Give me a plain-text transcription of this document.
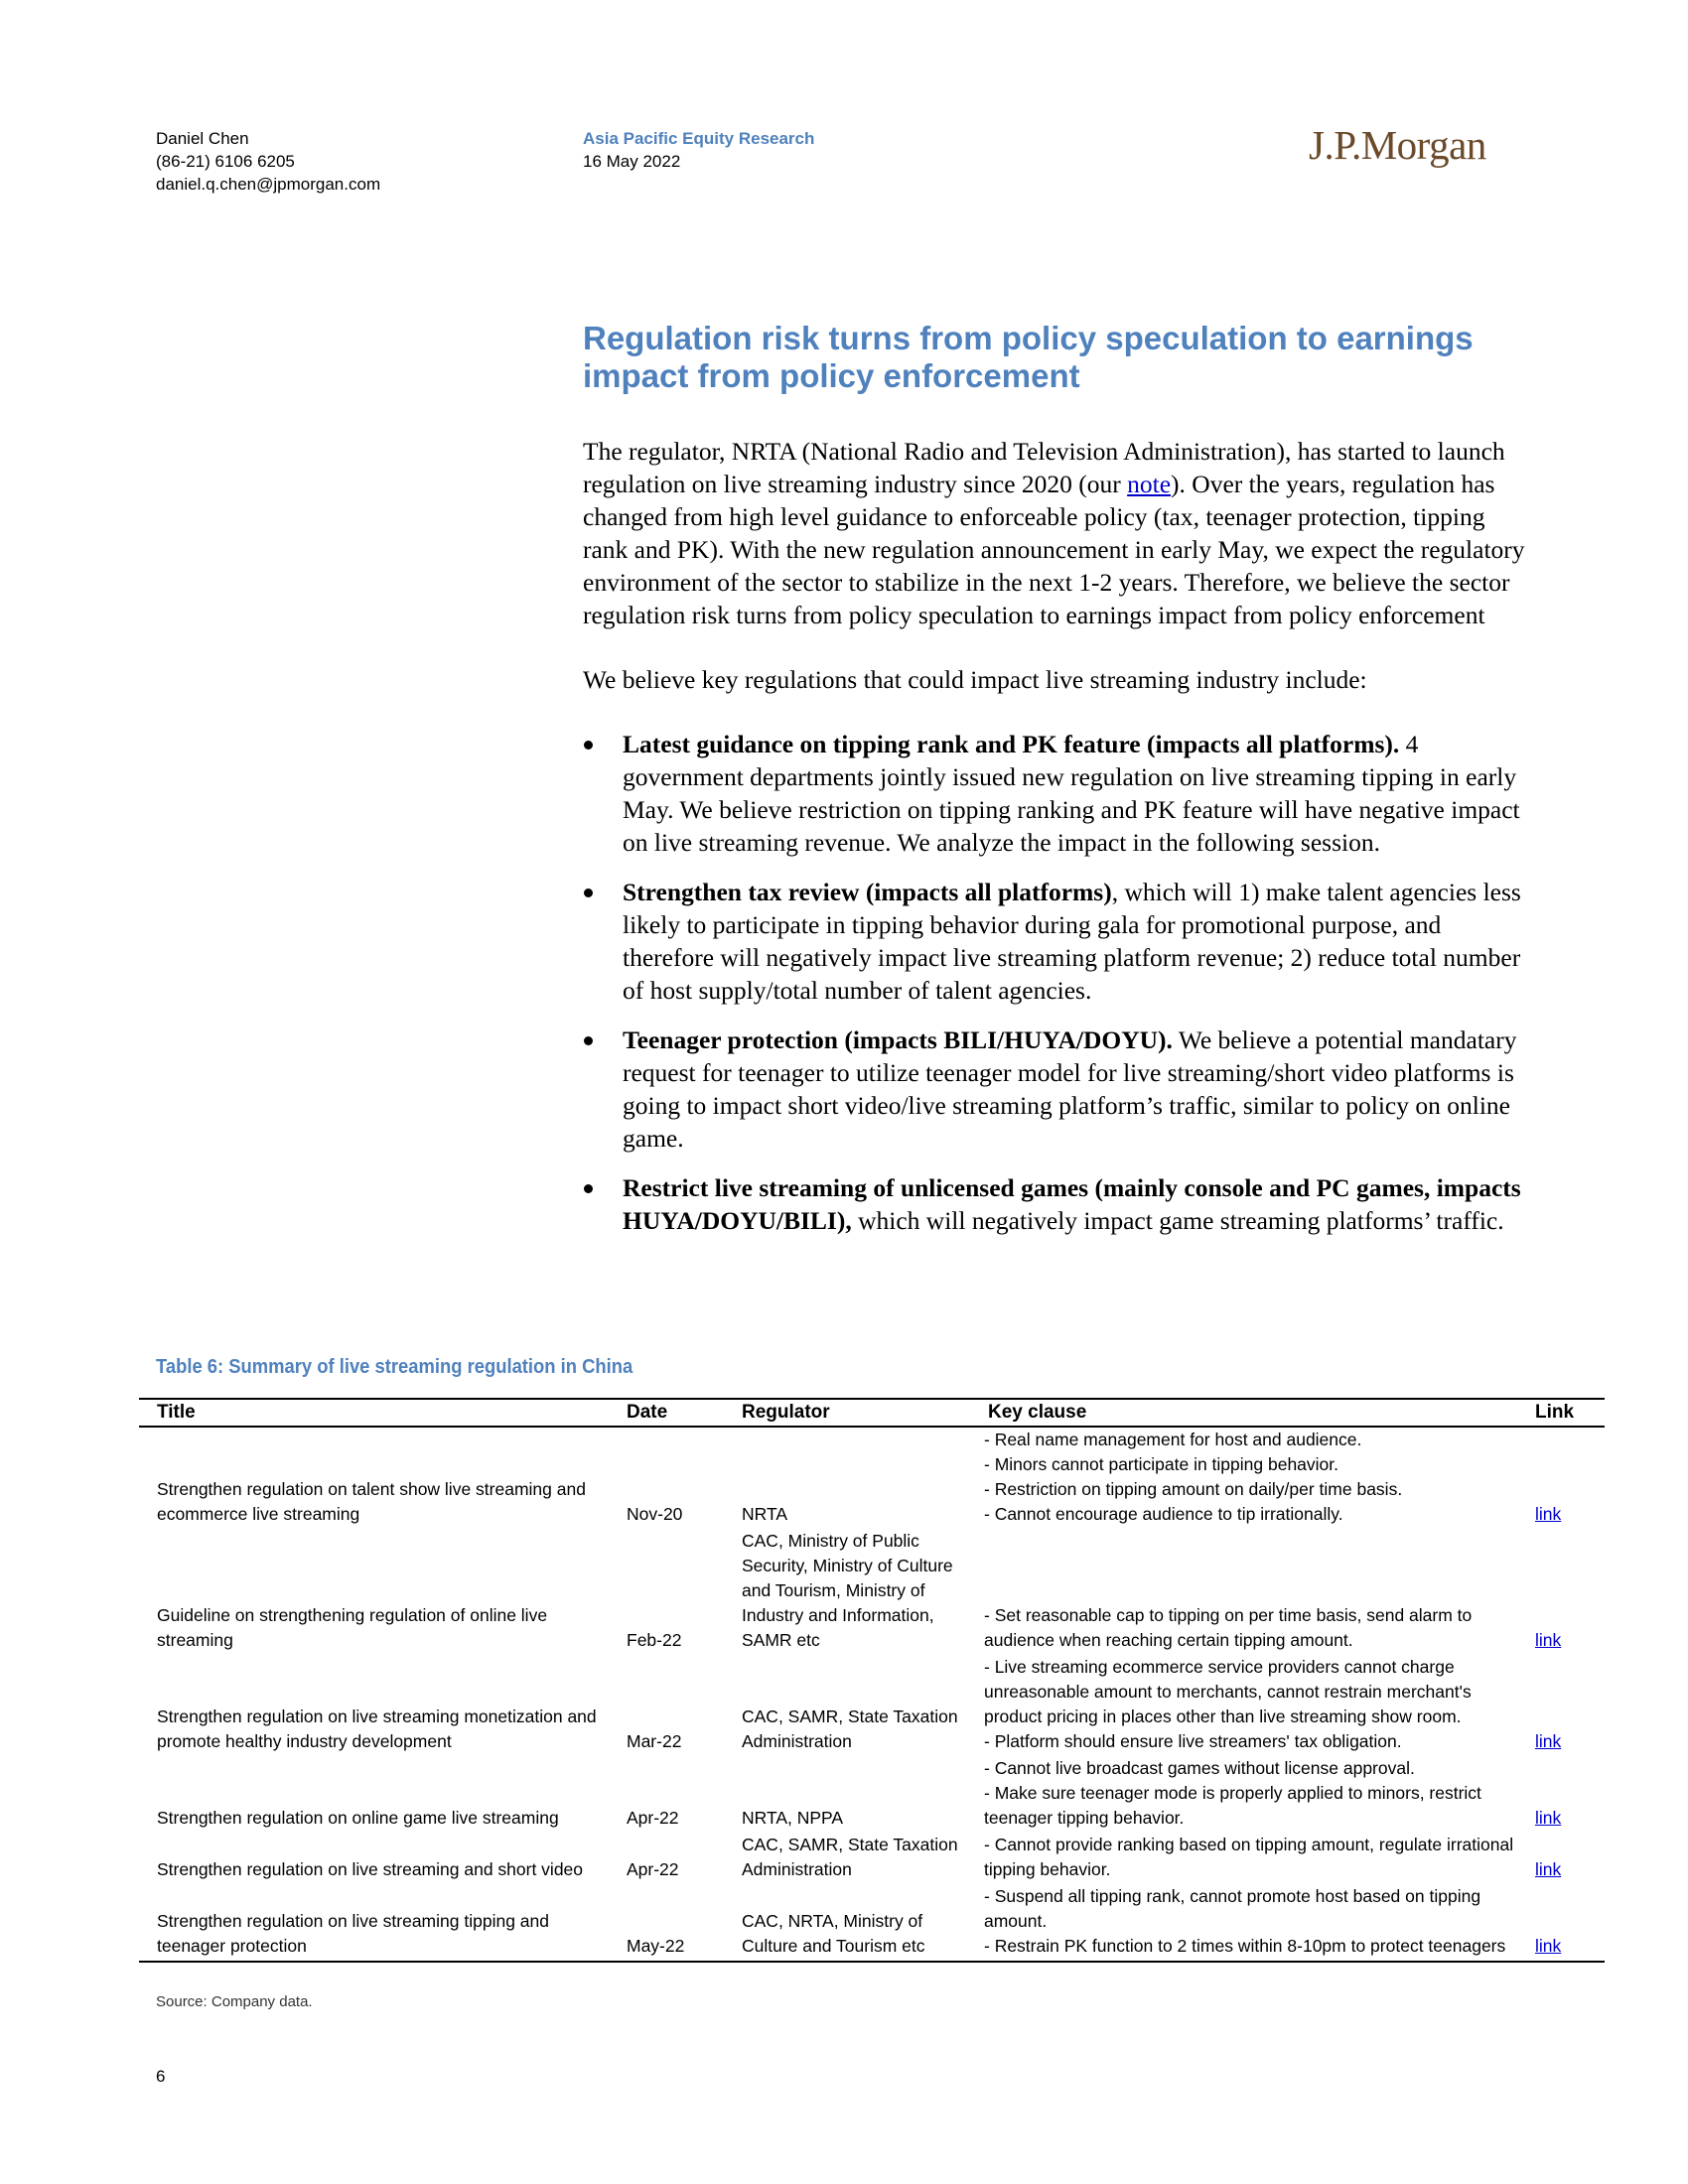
Daniel Chen
(86-21) 6106 6205
daniel.q.chen@jpmorgan.com
Asia Pacific Equity Research
16 May 2022	J.P.Morgan
Regulation risk turns from policy speculation to earnings impact from policy enforcement

The regulator, NRTA (National Radio and Television Administration), has started to launch regulation on live streaming industry since 2020 (our note). Over the years, regulation has changed from high level guidance to enforceable policy (tax, teenager protection, tipping rank and PK). With the new regulation announcement in early May, we expect the regulatory environment of the sector to stabilize in the next 1-2 years. Therefore, we believe the sector regulation risk turns from policy speculation to earnings impact from policy enforcement

We believe key regulations that could impact live streaming industry include:

Latest guidance on tipping rank and PK feature (impacts all platforms). 4 government departments jointly issued new regulation on live streaming tipping in early May. We believe restriction on tipping ranking and PK feature will have negative impact on live streaming revenue. We analyze the impact in the following session.
Strengthen tax review (impacts all platforms), which will 1) make talent agencies less likely to participate in tipping behavior during gala for promotional purpose, and therefore will negatively impact live streaming platform revenue; 2) reduce total number of host supply/total number of talent agencies.
Teenager protection (impacts BILI/HUYA/DOYU). We believe a potential mandatary request for teenager to utilize teenager model for live streaming/short video platforms is going to impact short video/live streaming platform’s traffic, similar to policy on online game.
Restrict live streaming of unlicensed games (mainly console and PC games, impacts HUYA/DOYU/BILI), which will negatively impact game streaming platforms’ traffic.
Table 6: Summary of live streaming regulation in China
Title	Date	Regulator	Key clause	Link
Strengthen regulation on talent show live streaming and ecommerce live streaming	Nov-20	NRTA	- Real name management for host and audience.
- Minors cannot participate in tipping behavior.
- Restriction on tipping amount on daily/per time basis.
- Cannot encourage audience to tip irrationally.	link
Guideline on strengthening regulation of online live streaming	Feb-22	CAC, Ministry of Public Security, Ministry of Culture and Tourism, Ministry of Industry and Information, SAMR etc	- Set reasonable cap to tipping on per time basis, send alarm to audience when reaching certain tipping amount.	link
Strengthen regulation on live streaming monetization and promote healthy industry development	Mar-22	CAC, SAMR, State Taxation Administration	- Live streaming ecommerce service providers cannot charge unreasonable amount to merchants, cannot restrain merchant's product pricing in places other than live streaming show room.
- Platform should ensure live streamers' tax obligation.	link
Strengthen regulation on online game live streaming	Apr-22	NRTA, NPPA	- Cannot live broadcast games without license approval.
- Make sure teenager mode is properly applied to minors, restrict teenager tipping behavior.	link
Strengthen regulation on live streaming and short video	Apr-22	CAC, SAMR, State Taxation Administration	- Cannot provide ranking based on tipping amount, regulate irrational tipping behavior.	link
Strengthen regulation on live streaming tipping and teenager protection	May-22	CAC, NRTA, Ministry of Culture and Tourism etc	- Suspend all tipping rank, cannot promote host based on tipping amount.
- Restrain PK function to 2 times within 8-10pm to protect teenagers	link
Source: Company data.
6
